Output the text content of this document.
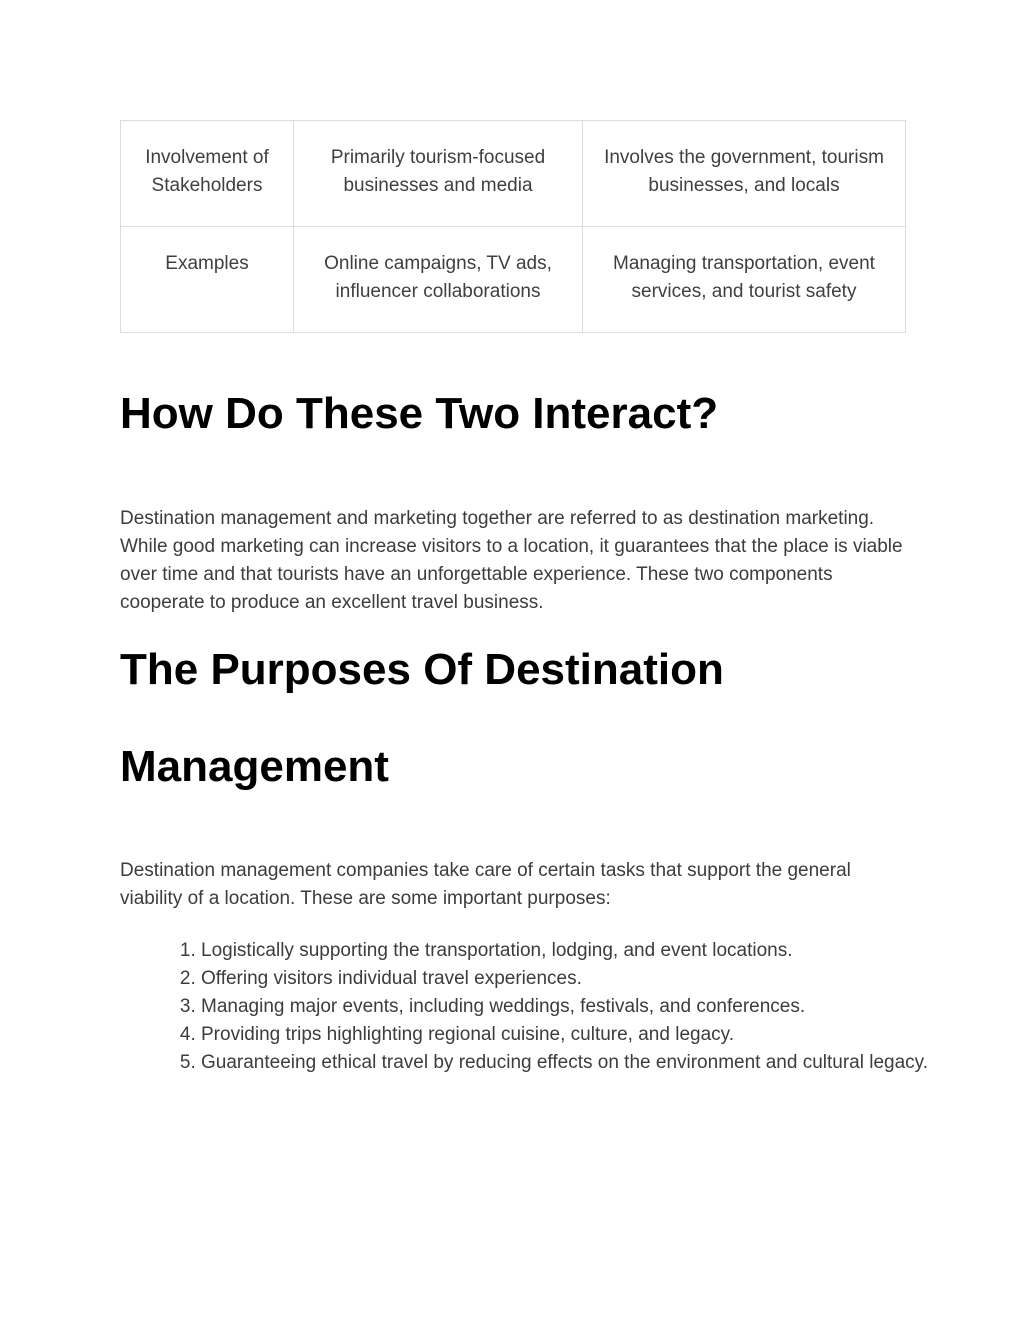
Involvement of Stakeholders	Primarily tourism-focused businesses and media	Involves the government, tourism businesses, and locals
Examples	Online campaigns, TV ads, influencer collaborations	Managing transportation, event services, and tourist safety
How Do These Two Interact?

Destination management and marketing together are referred to as destination marketing. While good marketing can increase visitors to a location, it guarantees that the place is viable over time and that tourists have an unforgettable experience. These two components cooperate to produce an excellent travel business.

The Purposes Of Destination Management

Destination management companies take care of certain tasks that support the general viability of a location. These are some important purposes:

1. Logistically supporting the transportation, lodging, and event locations.
2. Offering visitors individual travel experiences.
3. Managing major events, including weddings, festivals, and conferences.
4. Providing trips highlighting regional cuisine, culture, and legacy.
5. Guaranteeing ethical travel by reducing effects on the environment and cultural legacy.
